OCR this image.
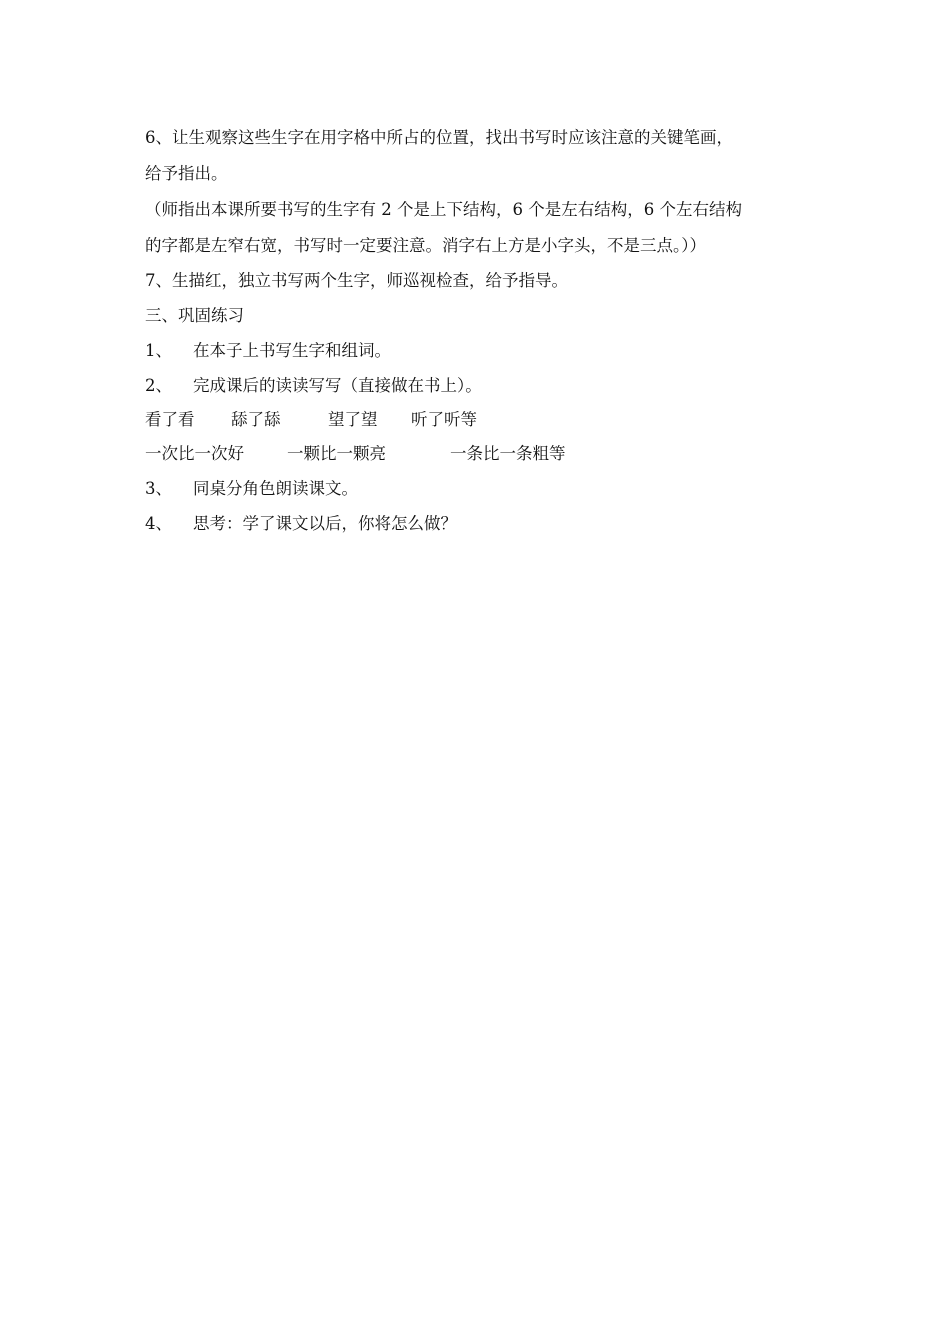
6、让生观察这些生字在用字格中所占的位置，找出书写时应该注意的关键笔画，
给予指出。
（师指出本课所要书写的生字有 2 个是上下结构，6 个是左右结构，6 个左右结构
的字都是左窄右宽，书写时一定要注意。消字右上方是小字头，不是三点。））
7、生描红，独立书写两个生字，师巡视检查，给予指导。
三、巩固练习
1、	在本子上书写生字和组词。
2、	完成课后的读读写写（直接做在书上）。
看了看 舔了舔	望了望 听了听等
一次比一次好	一颗比一颗亮	一条比一条粗等
3、	同桌分角色朗读课文。
4、	思考：学了课文以后，你将怎么做？
